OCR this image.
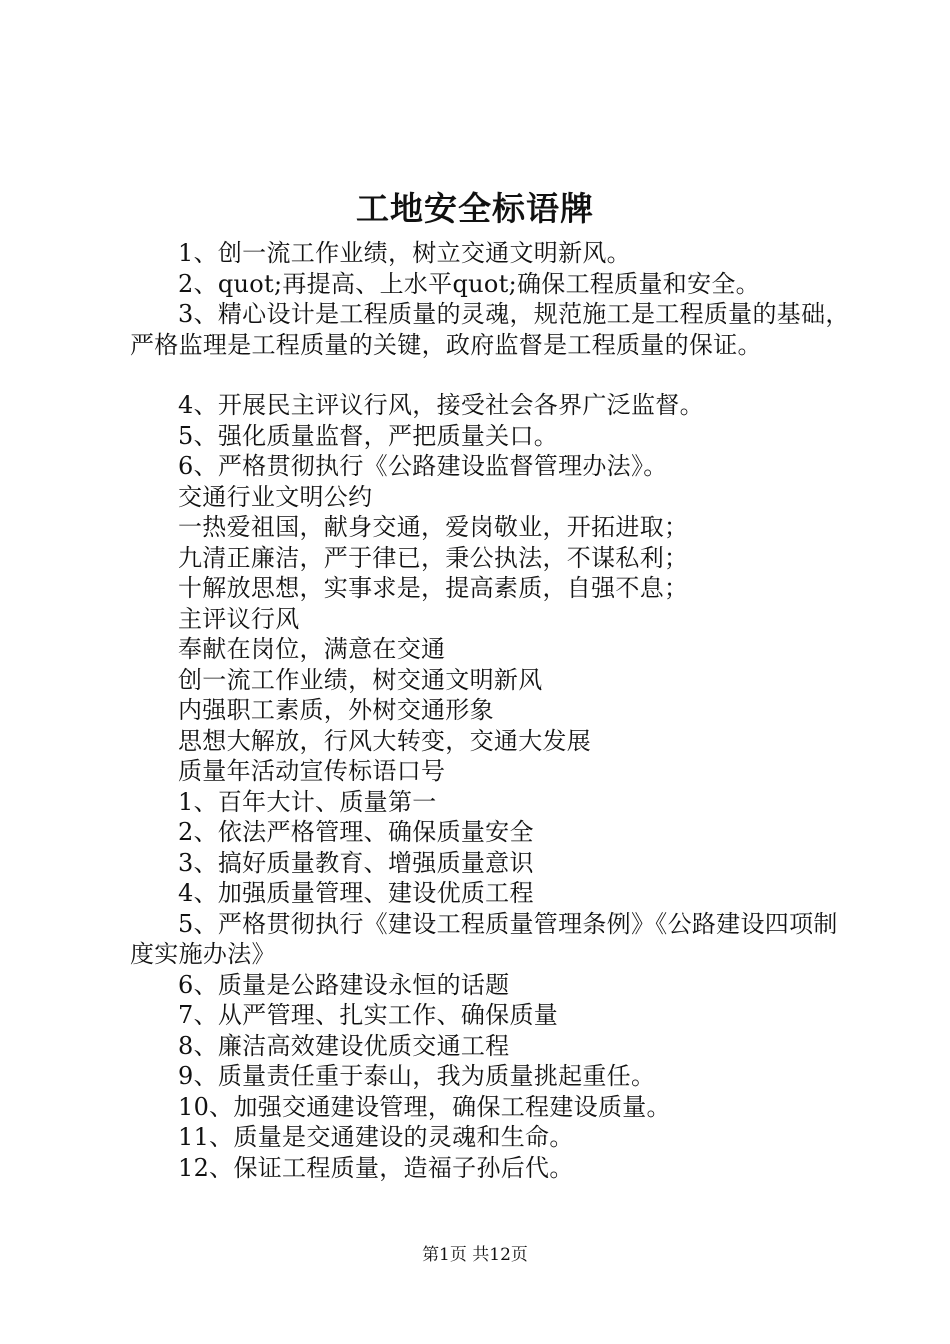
工地安全标语牌
1、创一流工作业绩，树立交通文明新风。
2、quot;再提高、上水平quot;确保工程质量和安全。

3、精心设计是工程质量的灵魂，规范施工是工程质量的基础，严格监理是工程质量的关键，政府监督是工程质量的保证。

4、开展民主评议行风，接受社会各界广泛监督。
5、强化质量监督，严把质量关口。
6、严格贯彻执行《公路建设监督管理办法》。
交通行业文明公约
一热爱祖国，献身交通，爱岗敬业，开拓进取；
九清正廉洁，严于律已，秉公执法，不谋私利；
十解放思想，实事求是，提高素质，自强不息；
主评议行风
奉献在岗位，满意在交通
创一流工作业绩，树交通文明新风
内强职工素质，外树交通形象
思想大解放，行风大转变，交通大发展
质量年活动宣传标语口号
1、百年大计、质量第一
2、依法严格管理、确保质量安全
3、搞好质量教育、增强质量意识
4、加强质量管理、建设优质工程

5、严格贯彻执行《建设工程质量管理条例》《公路建设四项制度实施办法》

6、质量是公路建设永恒的话题
7、从严管理、扎实工作、确保质量
8、廉洁高效建设优质交通工程
9、质量责任重于泰山，我为质量挑起重任。
10、加强交通建设管理，确保工程建设质量。
11、质量是交通建设的灵魂和生命。
12、保证工程质量，造福子孙后代。
第1页 共12页
